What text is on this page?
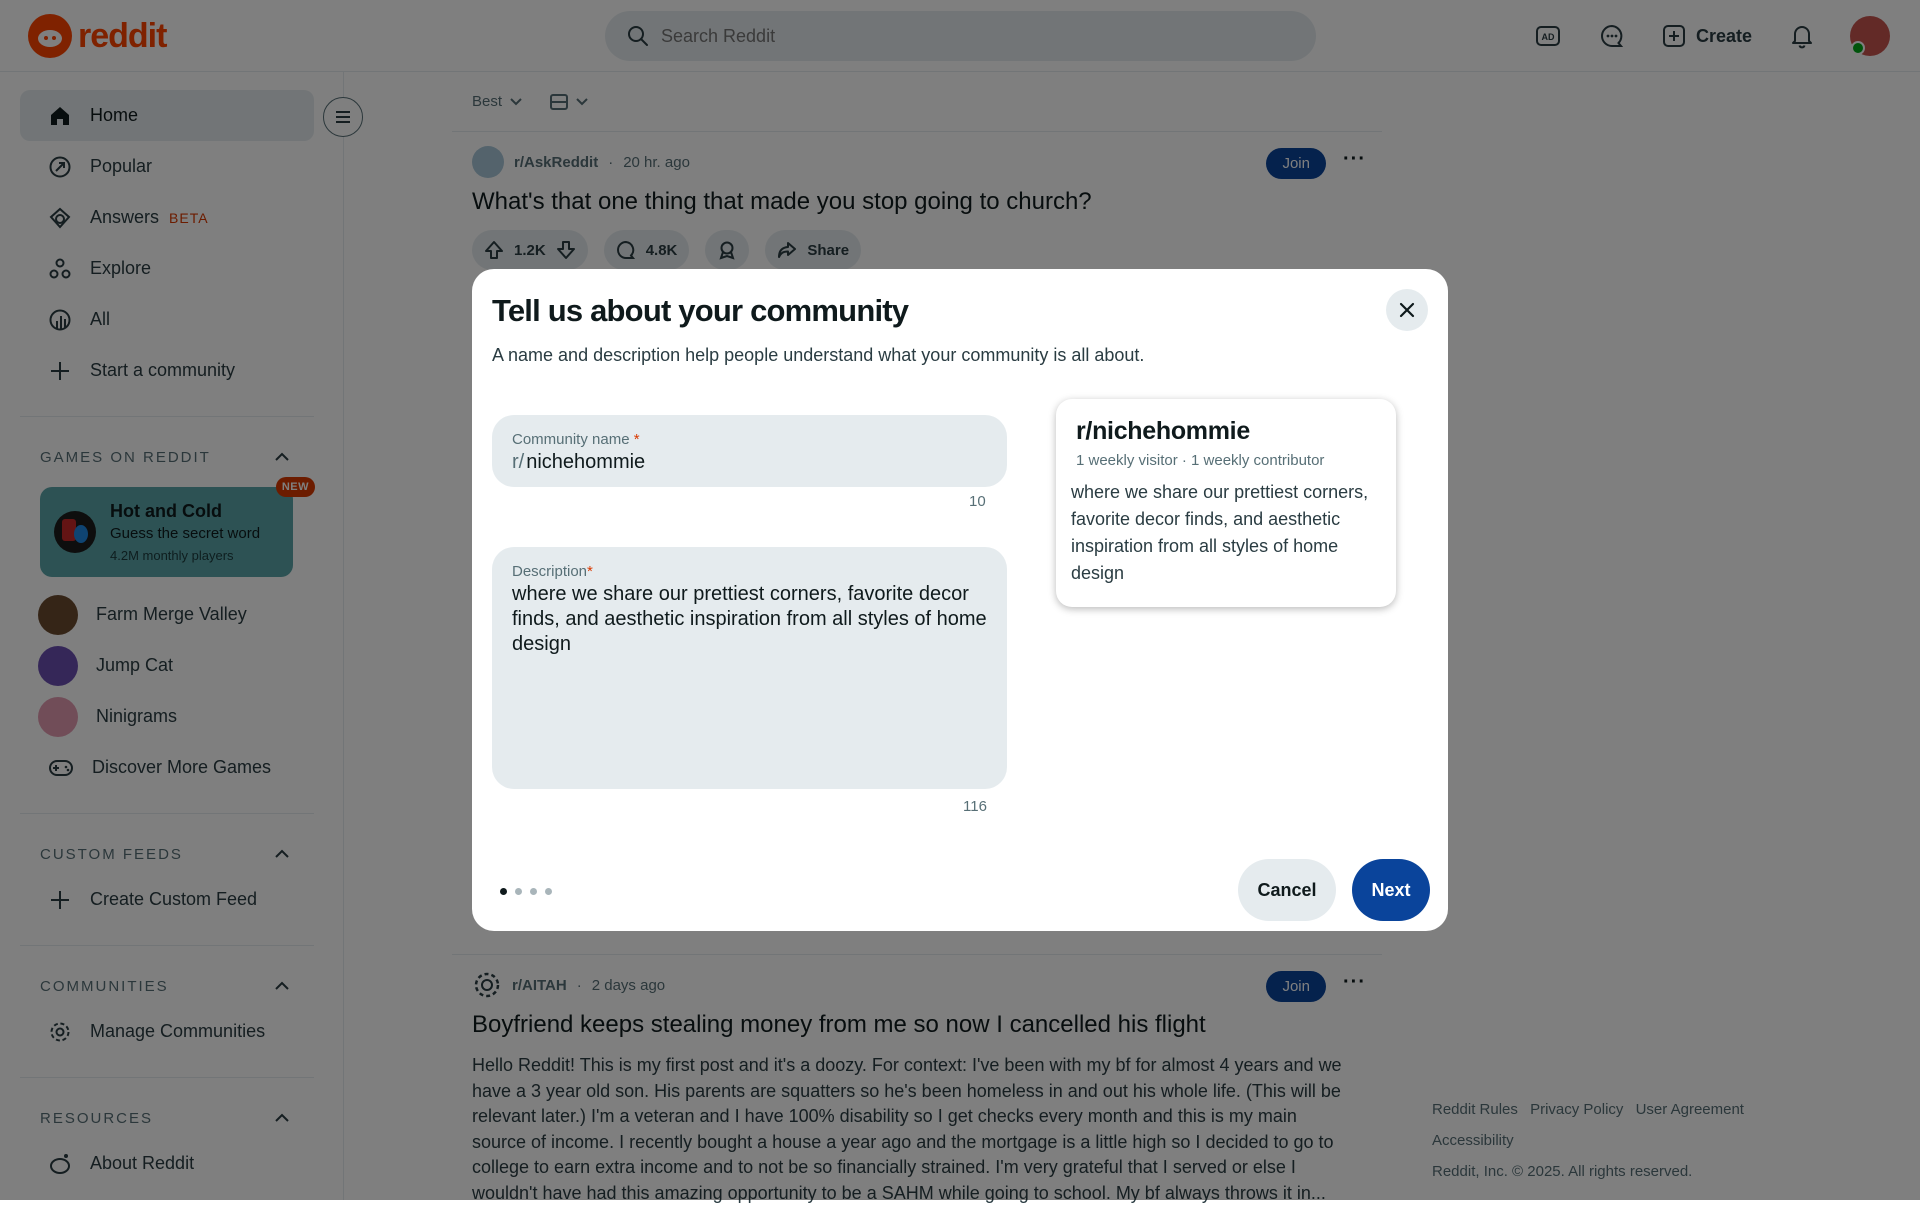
Search Reddit
Tell us about your community
A name and description help people understand what your community is all about.
Community name *
r/ nichehommie
10
Description*
where we share our prettiest corners, favorite decor finds, and aesthetic inspiration from all styles of home design
116
r/nichehommie
1 weekly visitor · 1 weekly contributor
where we share our prettiest corners, favorite decor finds, and aesthetic inspiration from all styles of home design
Cancel	Next
